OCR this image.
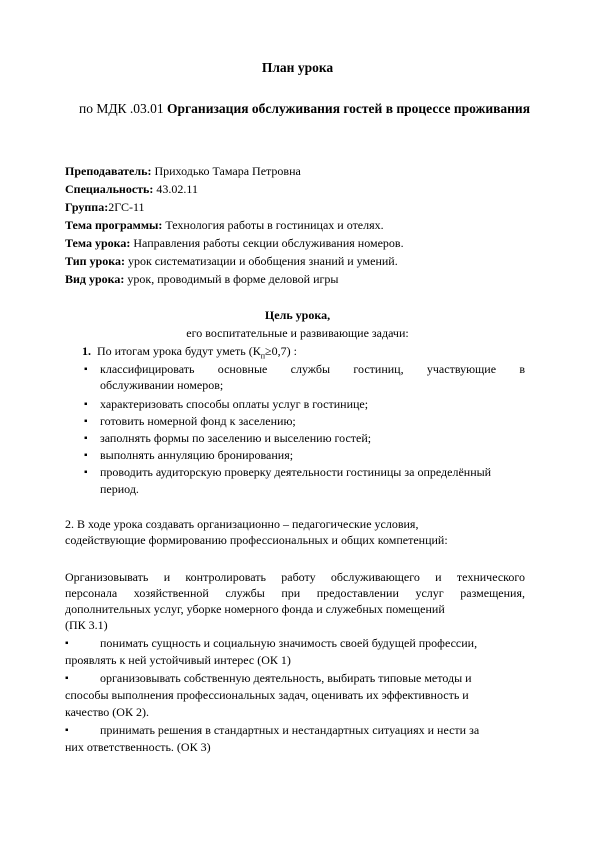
План урока
по МДК .03.01 Организация обслуживания гостей в процессе проживания
Преподаватель: Приходько Тамара Петровна
Специальность: 43.02.11
Группа:2ГС-11
Тема программы: Технология работы в гостиницах и отелях.
Тема урока: Направления работы секции обслуживания номеров.
Тип урока: урок систематизации и обобщения знаний и умений.
Вид урока: урок, проводимый в форме деловой игры
Цель урока,
его воспитательные и развивающие задачи:
1. По итогам урока будут уметь $(К_п\ge 0,7)$ :
▪ классифицировать основные службы гостиниц, участвующие в
обслуживании номеров;
▪ характеризовать способы оплаты услуг в гостинице;
▪ готовить номерной фонд к заселению;
▪ заполнять формы по заселению и выселению гостей;
▪ выполнять аннуляцию бронирования;
▪ проводить аудиторскую проверку деятельности гостиницы за определённый
период.
2. В ходе урока создавать организационно – педагогические условия,
содействующие формированию профессиональных и общих компетенций:
Организовывать и контролировать работу обслуживающего и технического
персонала хозяйственной службы при предоставлении услуг размещения,
дополнительных услуг, уборке номерного фонда и служебных помещений
(ПК 3.1)
▪	понимать сущность и социальную значимость своей будущей профессии,
проявлять к ней устойчивый интерес (ОК 1)
▪	организовывать собственную деятельность, выбирать типовые методы и
способы выполнения профессиональных задач, оценивать их эффективность и
качество (ОК 2).
▪	принимать решения в стандартных и нестандартных ситуациях и нести за
них ответственность. (ОК 3)
